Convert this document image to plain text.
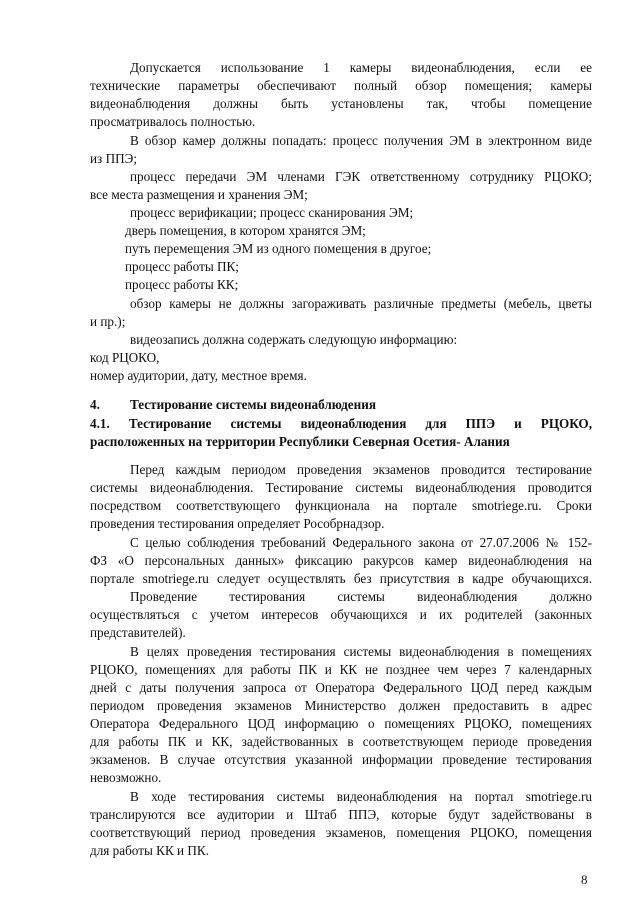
Допускается использование 1 камеры видеонаблюдения, если ее
технические параметры обеспечивают полный обзор помещения; камеры
видеонаблюдения должны быть установлены так, чтобы помещение
просматривалось полностью.
В обзор камер должны попадать: процесс получения ЭМ в электронном виде
из ППЭ;
процесс передачи ЭМ членами ГЭК ответственному сотруднику РЦОКО;
все места размещения и хранения ЭМ;
процесс верификации; процесс сканирования ЭМ;
дверь помещения, в котором хранятся ЭМ;
путь перемещения ЭМ из одного помещения в другое;
процесс работы ПК;
процесс работы КК;
обзор камеры не должны загораживать различные предметы (мебель, цветы
и пр.);
видеозапись должна содержать следующую информацию:
код РЦОКО,
номер аудитории, дату, местное время.
4. Тестирование системы видеонаблюдения
4.1. Тестирование системы видеонаблюдения для ППЭ и РЦОКО,
расположенных на территории Республики Северная Осетия- Алания
Перед каждым периодом проведения экзаменов проводится тестирование
системы видеонаблюдения. Тестирование системы видеонаблюдения проводится
посредством соответствующего функционала на портале smotriege.ru. Сроки
проведения тестирования определяет Рособрнадзор.
С целью соблюдения требований Федерального закона от 27.07.2006 № 152-
ФЗ «О персональных данных» фиксацию ракурсов камер видеонаблюдения на
портале smotriege.ru следует осуществлять без присутствия в кадре обучающихся.
Проведение тестирования системы видеонаблюдения должно
осуществляться с учетом интересов обучающихся и их родителей (законных
представителей).
В целях проведения тестирования системы видеонаблюдения в помещениях
РЦОКО, помещениях для работы ПК и КК не позднее чем через 7 календарных
дней с даты получения запроса от Оператора Федерального ЦОД перед каждым
периодом проведения экзаменов Министерство должен предоставить в адрес
Оператора Федерального ЦОД информацию о помещениях РЦОКО, помещениях
для работы ПК и КК, задействованных в соответствующем периоде проведения
экзаменов. В случае отсутствия указанной информации проведение тестирования
невозможно.
В ходе тестирования системы видеонаблюдения на портал smotriege.ru
транслируются все аудитории и Штаб ППЭ, которые будут задействованы в
соответствующий период проведения экзаменов, помещения РЦОКО, помещения
для работы КК и ПК.
8
